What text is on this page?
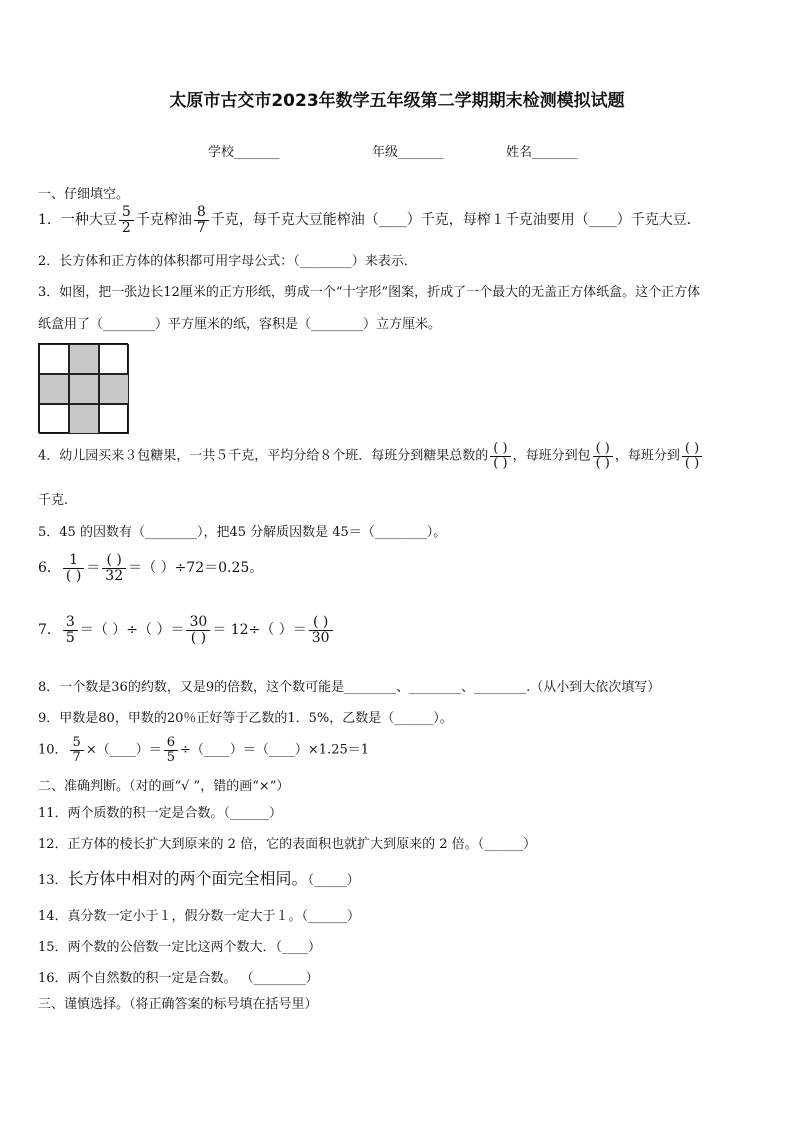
太原市古交市2023年数学五年级第二学期期末检测模拟试题
学校_______	年级_______	姓名_______
一、仔细填空。
1．一种大豆 $\frac{5}{2}$ 千克榨油 $\frac{8}{7}$ 千克，每千克大豆能榨油（____）千克，每榨１千克油要用（____）千克大豆．
2．长方体和正方体的体积都可用字母公式：（________）来表示．
3．如图，把一张边长12厘米的正方形纸，剪成一个“十字形”图案，折成了一个最大的无盖正方体纸盒。这个正方体
纸盒用了（________）平方厘米的纸，容积是（________）立方厘米。
4．幼儿园买来３包糖果，一共５千克，平均分给８个班．每班分到糖果总数的 $\frac{( )}{( )}$ ，每班分到包 $\frac{( )}{( )}$ ，每班分到 $\frac{( )}{( )}$
千克.
5．45 的因数有（________），把45 分解质因数是 45＝（________）。
6． $\frac{1}{( )} = \frac{( )}{32}$ ＝（ ）÷72＝0.25。
7． $\frac{3}{5}$ ＝（ ）÷（ ）＝ $\frac{30}{( )} = 12\div$（ ）＝ $\frac{( )}{30}$
8．一个数是36的约数，又是9的倍数，这个数可能是________、________、________.（从小到大依次填写）
9．甲数是80，甲数的20％正好等于乙数的1．5%，乙数是（______）。
10． $\frac{5}{7}$ ×（____）＝ $\frac{6}{5}$ ÷（____）＝（____）×1.25＝1
二、准确判断。（对的画“√ ”，错的画“×”）
11．两个质数的积一定是合数。（______）
12．正方体的棱长扩大到原来的 2 倍，它的表面积也就扩大到原来的 2 倍。（______）
13．长方体中相对的两个面完全相同。（_____）
14．真分数一定小于１，假分数一定大于１。（______）
15．两个数的公倍数一定比这两个数大．（____）
16．两个自然数的积一定是合数。 （________）
三、谨慎选择。（将正确答案的标号填在括号里）
